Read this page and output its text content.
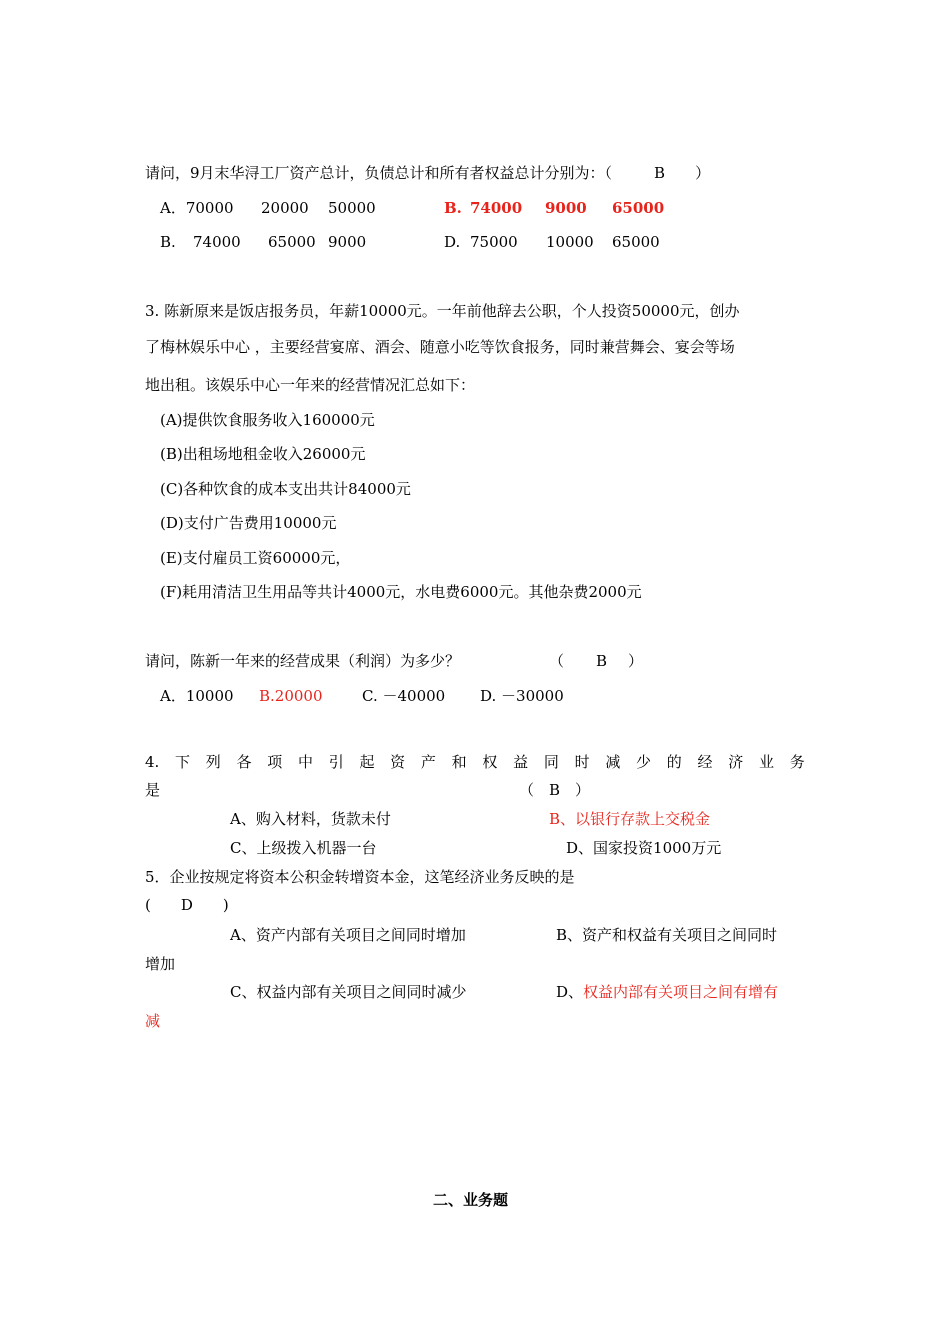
请问，9月末华浔工厂资产总计，负债总计和所有者权益总计分别为：（	B ）
A．70000 20000 50000	B. 74000 9000 65000
B. 74000 65000 9000	D. 75000 10000 65000
3. 陈新原来是饭店报务员，年薪10000元。一年前他辞去公职，个人投资50000元，创办
了梅林娱乐中心 ，主要经营宴席、酒会、随意小吃等饮食报务，同时兼营舞会、宴会等场
地出租。该娱乐中心一年来的经营情况汇总如下：
(A)提供饮食服务收入160000元
(B)出租场地租金收入26000元
(C)各种饮食的成本支出共计84000元
(D)支付广告费用10000元
(E)支付雇员工资60000元，
(F)耗用清洁卫生用品等共计4000元，水电费6000元。其他杂费2000元
请问，陈新一年来的经营成果（利润）为多少？	（ B ）
A．10000 B.20000	C. －40000 D. －30000
4. 下 列 各 项 中 引 起 资 产 和 权 益 同 时 减 少 的 经 济 业 务
是	（　B　）
A、购入材料，货款未付	B、以银行存款上交税金
C、上级拨入机器一台	D、国家投资1000万元
5．企业按规定将资本公积金转增资本金，这笔经济业务反映的是
(　　D　　)
A、资产内部有关项目之间同时增加	B、资产和权益有关项目之间同时
增加
C、权益内部有关项目之间同时减少	D、权益内部有关项目之间有增有
减
二、业务题
